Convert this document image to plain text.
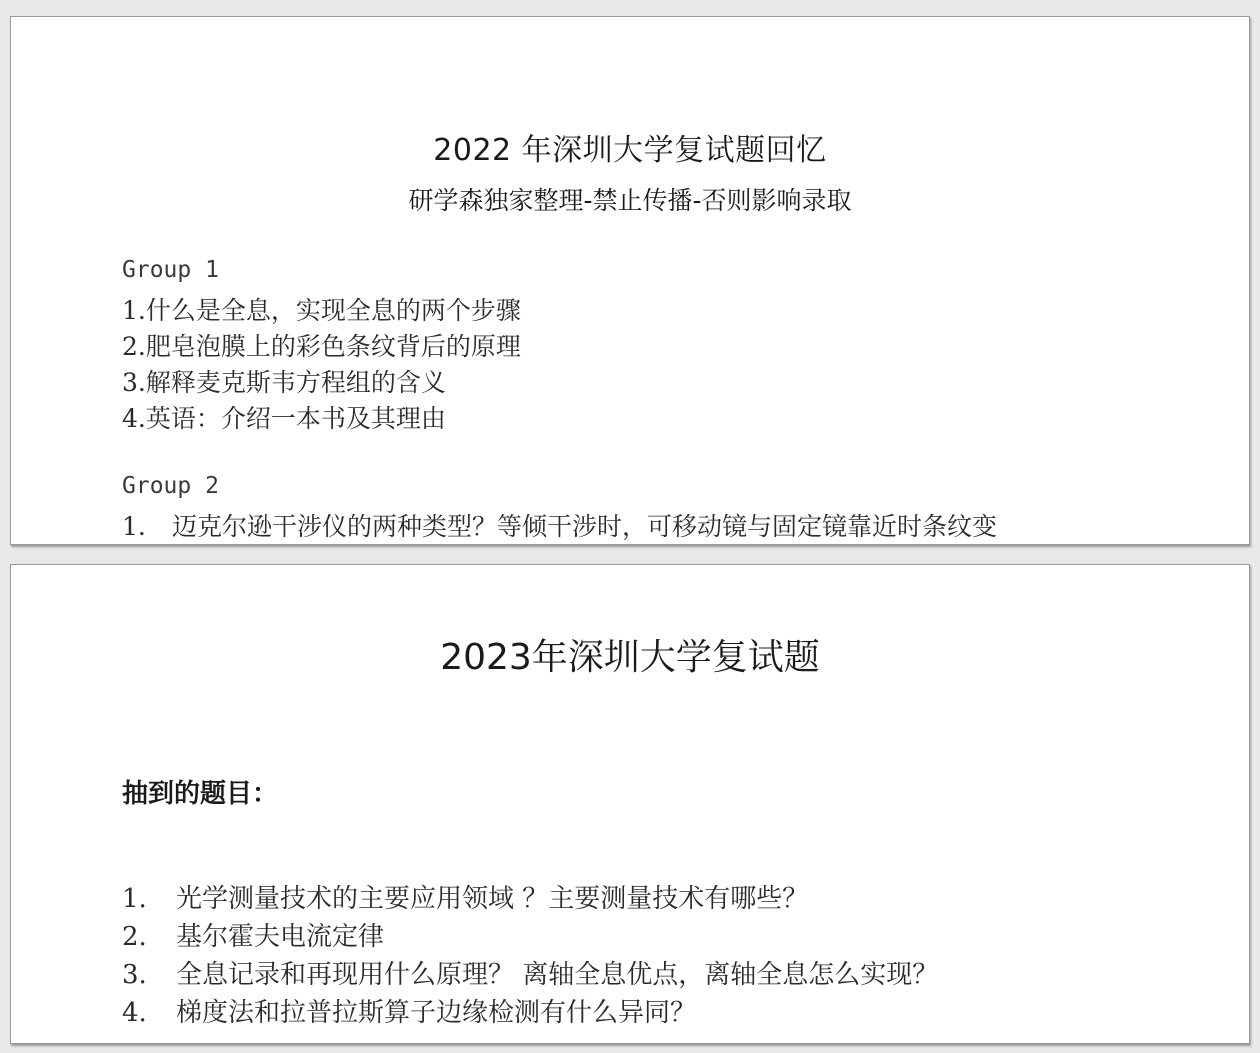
2022 年深圳大学复试题回忆
研学森独家整理-禁止传播-否则影响录取
Group 1
1.什么是全息，实现全息的两个步骤
2.肥皂泡膜上的彩色条纹背后的原理
3.解释麦克斯韦方程组的含义
4.英语：介绍一本书及其理由
Group 2
1. 迈克尔逊干涉仪的两种类型？等倾干涉时，可移动镜与固定镜靠近时条纹变
2023年深圳大学复试题
抽到的题目：
1. 光学测量技术的主要应用领域 ？主要测量技术有哪些？
2. 基尔霍夫电流定律
3. 全息记录和再现用什么原理？ 离轴全息优点，离轴全息怎么实现？
4. 梯度法和拉普拉斯算子边缘检测有什么异同？
